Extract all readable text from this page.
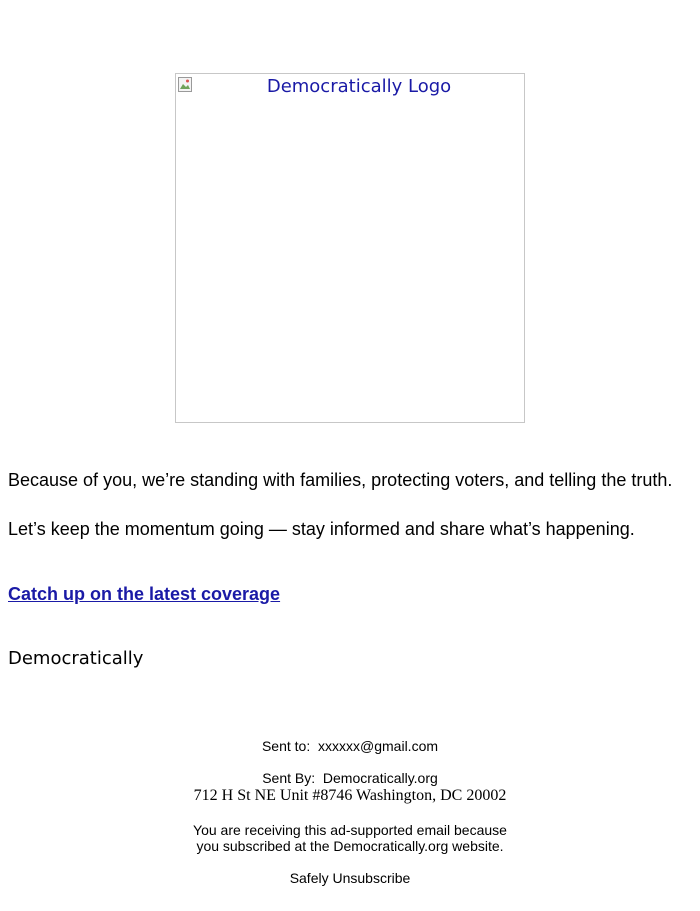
Democratically Logo
Because of you, we’re standing with families, protecting voters, and telling the truth.
Let’s keep the momentum going — stay informed and share what’s happening.
Catch up on the latest coverage
Democratically
Sent to: xxxxxx@gmail.com
Sent By: Democratically.org
712 H St NE Unit #8746 Washington, DC 20002
You are receiving this ad-supported email because
you subscribed at the Democratically.org website.
Safely Unsubscribe
